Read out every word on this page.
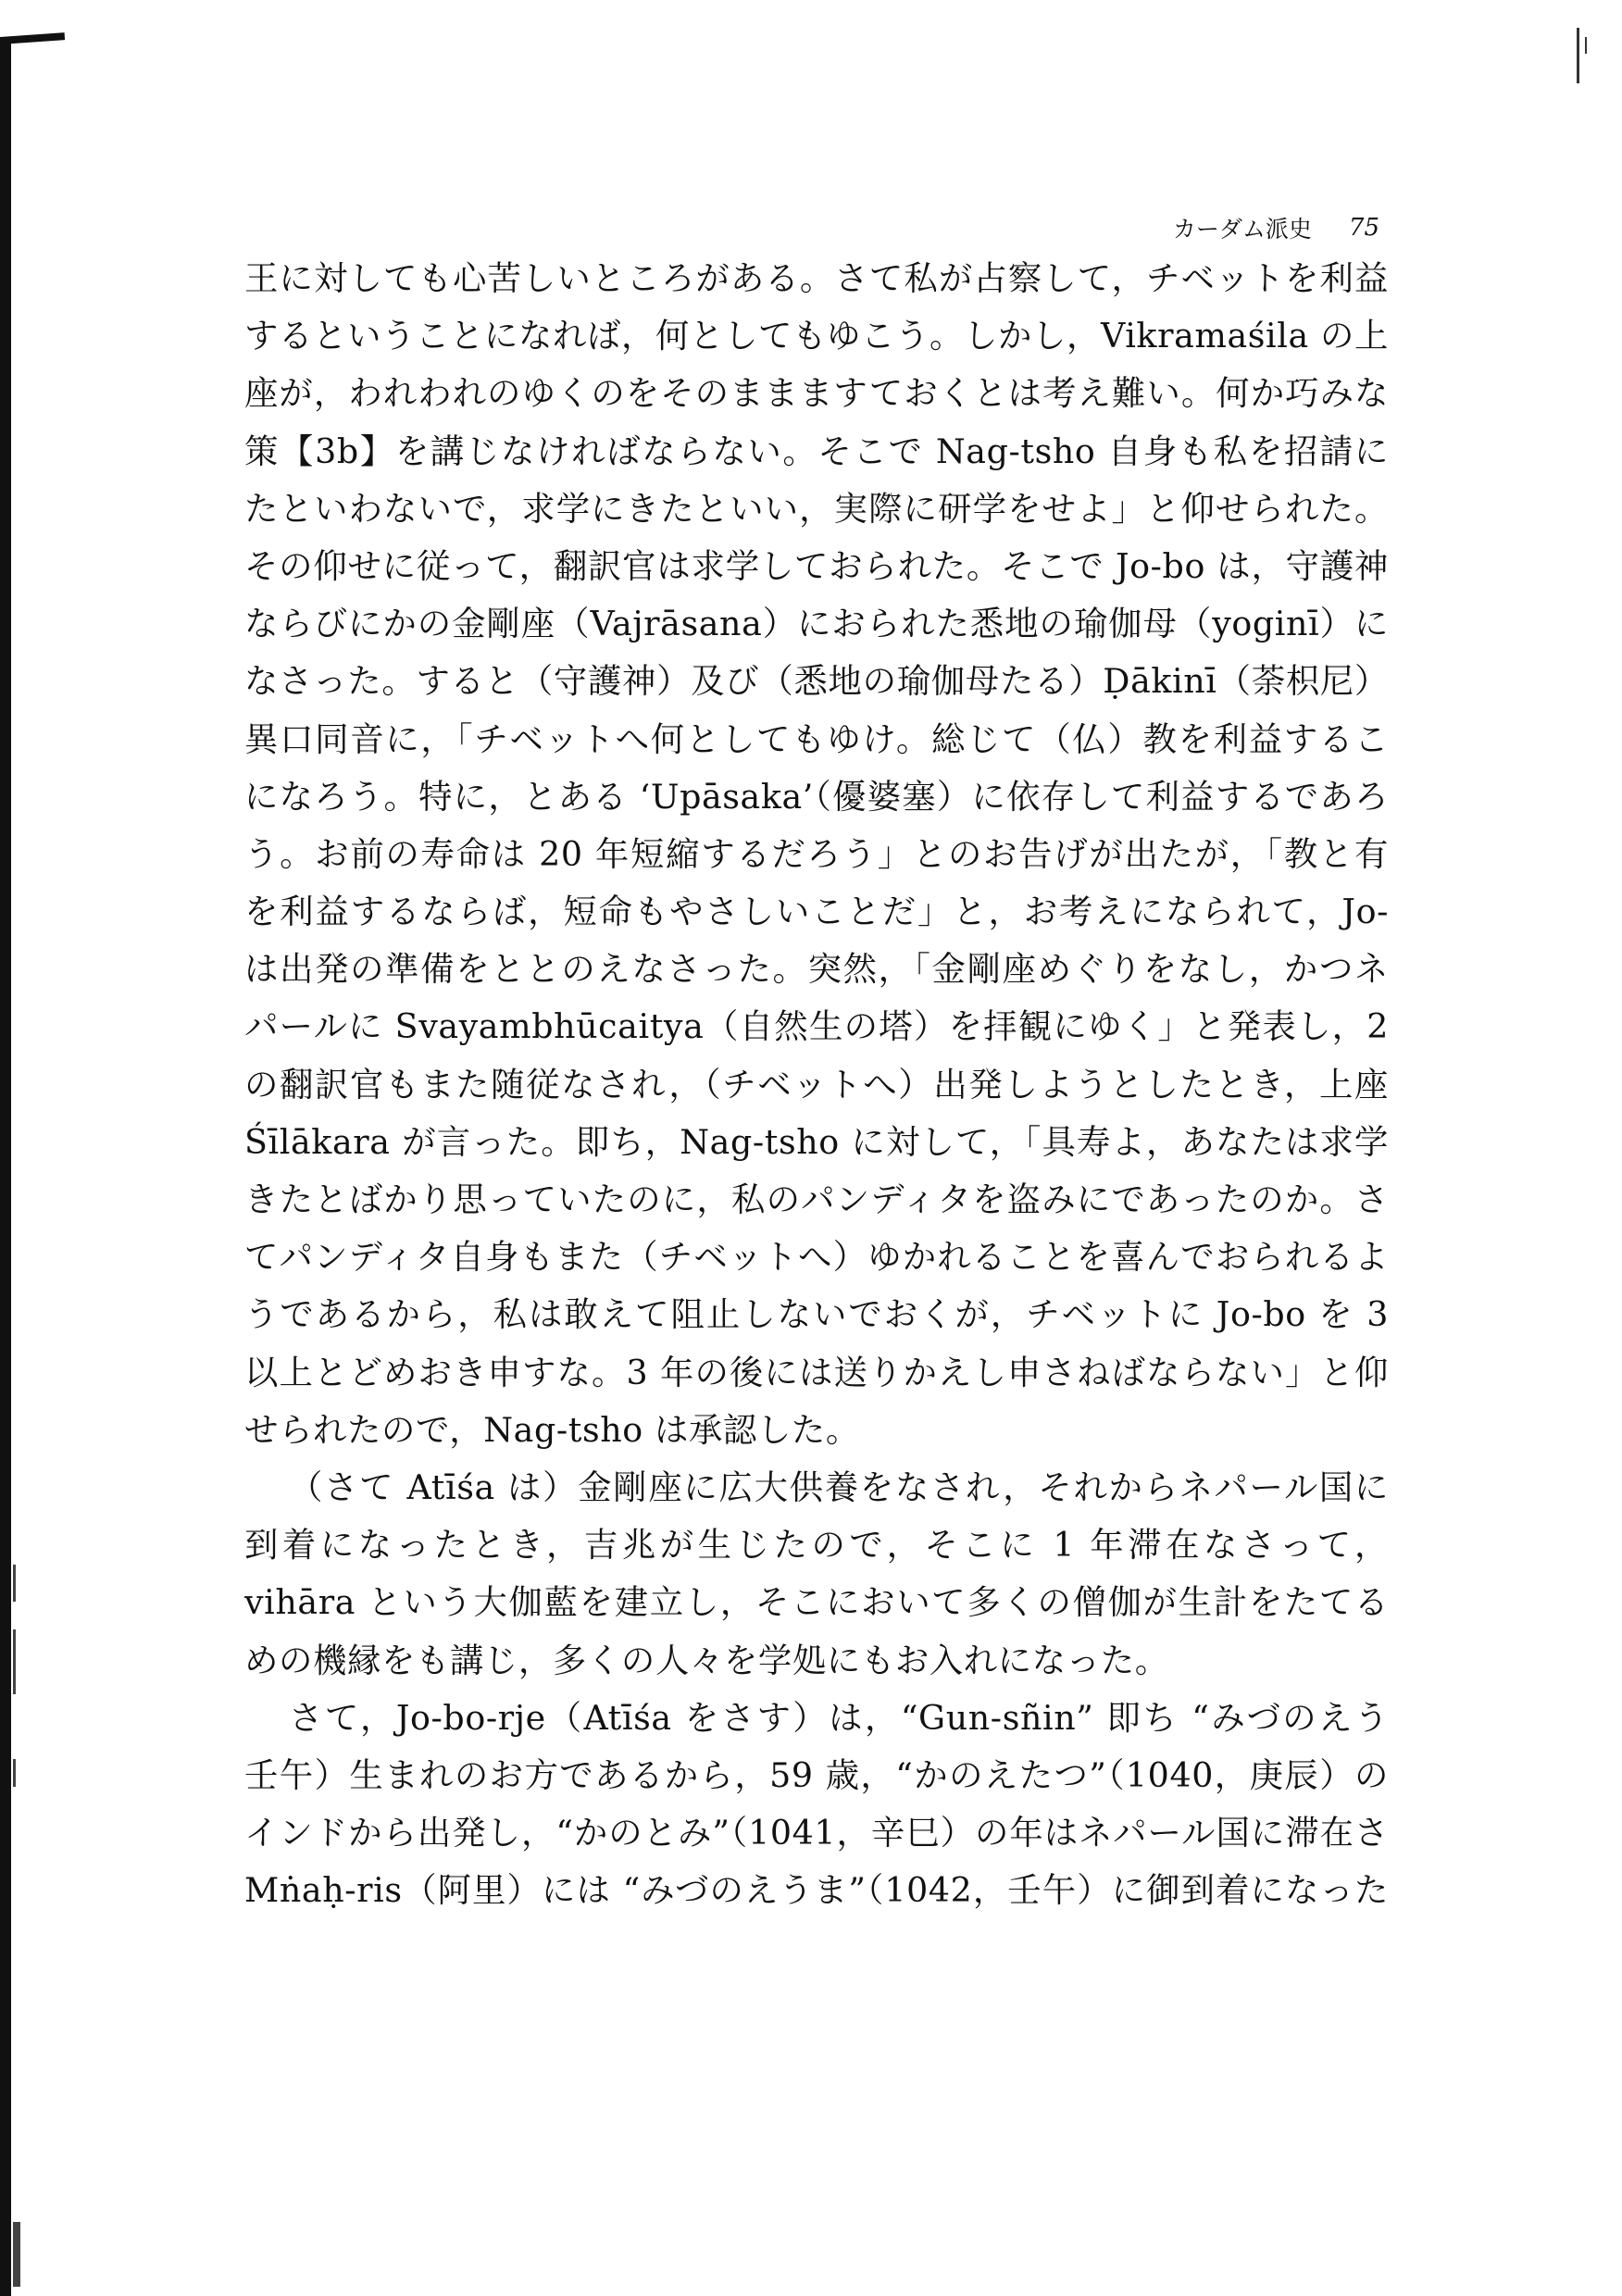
カーダム派史 75
王に対しても心苦しいところがある。さて私が占察して，チベットを利益
するということになれば，何としてもゆこう。しかし，Vikramaśila の上
座が，われわれのゆくのをそのままますておくとは考え難い。何か巧みな
策【3b】を講じなければならない。そこで Nag-tsho 自身も私を招請に
たといわないで，求学にきたといい，実際に研学をせよ」と仰せられた。
その仰せに従って，翻訳官は求学しておられた。そこで Jo-bo は，守護神
ならびにかの金剛座（Vajrāsana）におられた悉地の瑜伽母（yoginī）に
なさった。すると（守護神）及び（悉地の瑜伽母たる）Ḍākinī（荼枳尼）
異口同音に，「チベットへ何としてもゆけ。総じて（仏）教を利益するこ
になろう。特に，とある ‘Upāsaka’（優婆塞）に依存して利益するであろ
う。お前の寿命は 20 年短縮するだろう」とのお告げが出たが，「教と有
を利益するならば，短命もやさしいことだ」と，お考えになられて，Jo-
は出発の準備をととのえなさった。突然，「金剛座めぐりをなし，かつネ
パールに Svayambhūcaitya（自然生の塔）を拝観にゆく」と発表し，2
の翻訳官もまた随従なされ，（チベットへ）出発しようとしたとき，上座
Śīlākara が言った。即ち，Nag-tsho に対して，「具寿よ，あなたは求学
きたとばかり思っていたのに，私のパンディタを盗みにであったのか。さ
てパンディタ自身もまた（チベットへ）ゆかれることを喜んでおられるよ
うであるから，私は敢えて阻止しないでおくが，チベットに Jo-bo を 3
以上とどめおき申すな。3 年の後には送りかえし申さねばならない」と仰
せられたので，Nag-tsho は承認した。
（さて Atīśa は）金剛座に広大供養をなされ，それからネパール国に
到着になったとき，吉兆が生じたので，そこに 1 年滞在なさって，
vihāra という大伽藍を建立し，そこにおいて多くの僧伽が生計をたてる
めの機縁をも講じ，多くの人々を学処にもお入れになった。
さて，Jo-bo-rje（Atīśa をさす）は，“Gun-sñin” 即ち “みづのえう
壬午）生まれのお方であるから，59 歳，“かのえたつ”（1040，庚辰）の
インドから出発し，“かのとみ”（1041，辛巳）の年はネパール国に滞在さ
Mṅaḥ-ris（阿里）には “みづのえうま”（1042，壬午）に御到着になった
